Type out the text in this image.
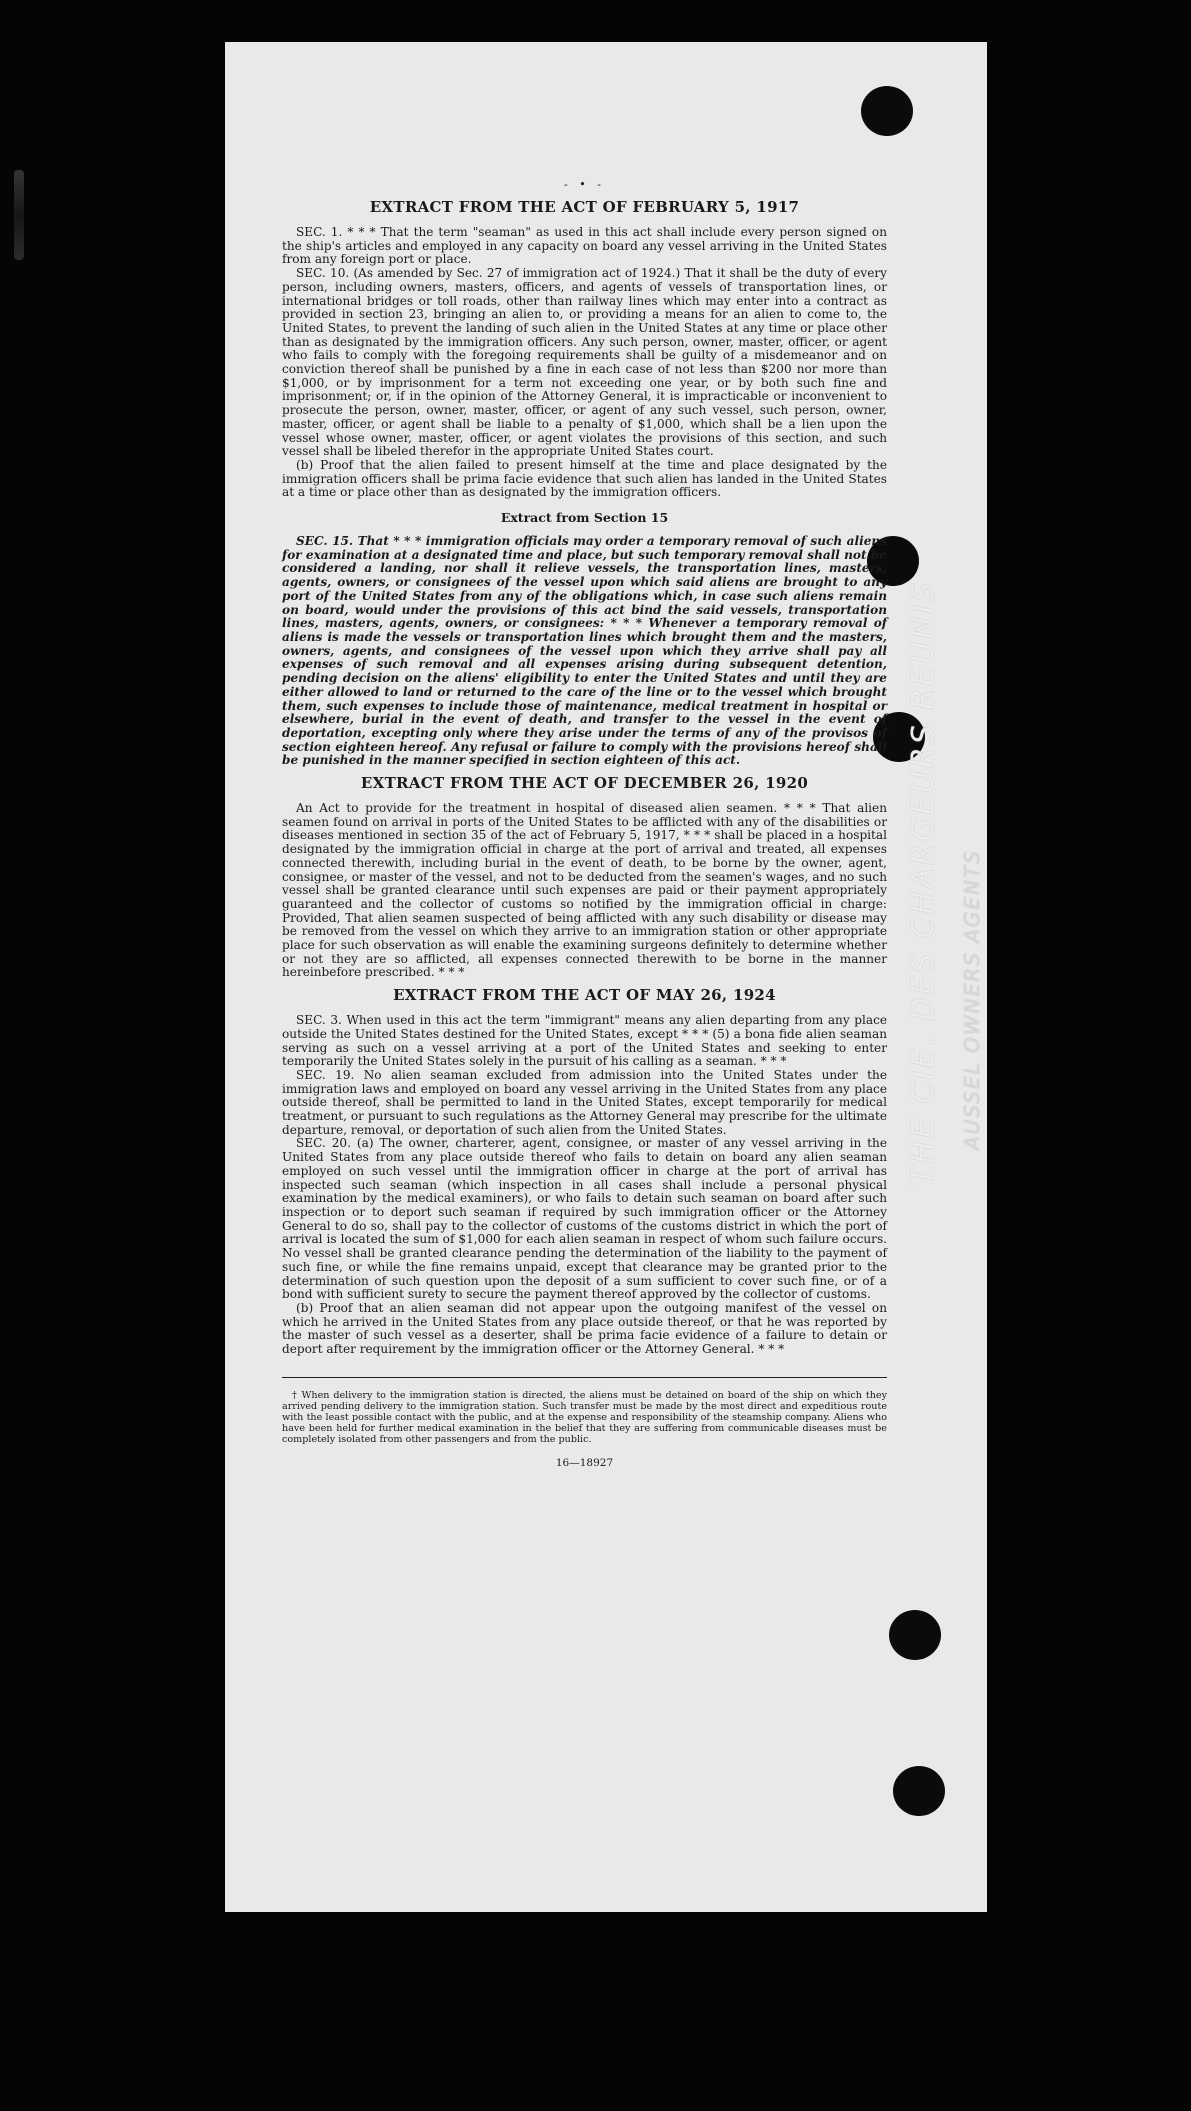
- • -
EXTRACT FROM THE ACT OF FEBRUARY 5, 1917

SEC. 1. * * * That the term "seaman" as used in this act shall include every person signed on the ship's articles and employed in any capacity on board any vessel arriving in the United States from any foreign port or place.

SEC. 10. (As amended by Sec. 27 of immigration act of 1924.) That it shall be the duty of every person, including owners, masters, officers, and agents of vessels of transportation lines, or international bridges or toll roads, other than railway lines which may enter into a contract as provided in section 23, bringing an alien to, or providing a means for an alien to come to, the United States, to prevent the landing of such alien in the United States at any time or place other than as designated by the immigration officers. Any such person, owner, master, officer, or agent who fails to comply with the foregoing requirements shall be guilty of a misdemeanor and on conviction thereof shall be punished by a fine in each case of not less than $200 nor more than $1,000, or by imprisonment for a term not exceeding one year, or by both such fine and imprisonment; or, if in the opinion of the Attorney General, it is impracticable or inconvenient to prosecute the person, owner, master, officer, or agent of any such vessel, such person, owner, master, officer, or agent shall be liable to a penalty of $1,000, which shall be a lien upon the vessel whose owner, master, officer, or agent violates the provisions of this section, and such vessel shall be libeled therefor in the appropriate United States court.

(b) Proof that the alien failed to present himself at the time and place designated by the immigration officers shall be prima facie evidence that such alien has landed in the United States at a time or place other than as designated by the immigration officers.

Extract from Section 15

SEC. 15. That * * * immigration officials may order a temporary removal of such aliens for examination at a designated time and place, but such temporary removal shall not be considered a landing, nor shall it relieve vessels, the transportation lines, masters, agents, owners, or consignees of the vessel upon which said aliens are brought to any port of the United States from any of the obligations which, in case such aliens remain on board, would under the provisions of this act bind the said vessels, transportation lines, masters, agents, owners, or consignees: * * * Whenever a temporary removal of aliens is made the vessels or transportation lines which brought them and the masters, owners, agents, and consignees of the vessel upon which they arrive shall pay all expenses of such removal and all expenses arising during subsequent detention, pending decision on the aliens' eligibility to enter the United States and until they are either allowed to land or returned to the care of the line or to the vessel which brought them, such expenses to include those of maintenance, medical treatment in hospital or elsewhere, burial in the event of death, and transfer to the vessel in the event of deportation, excepting only where they arise under the terms of any of the provisos of section eighteen hereof. Any refusal or failure to comply with the provisions hereof shall be punished in the manner specified in section eighteen of this act.

EXTRACT FROM THE ACT OF DECEMBER 26, 1920

An Act to provide for the treatment in hospital of diseased alien seamen. * * * That alien seamen found on arrival in ports of the United States to be afflicted with any of the disabilities or diseases mentioned in section 35 of the act of February 5, 1917, * * * shall be placed in a hospital designated by the immigration official in charge at the port of arrival and treated, all expenses connected therewith, including burial in the event of death, to be borne by the owner, agent, consignee, or master of the vessel, and not to be deducted from the seamen's wages, and no such vessel shall be granted clearance until such expenses are paid or their payment appropriately guaranteed and the collector of customs so notified by the immigration official in charge: Provided, That alien seamen suspected of being afflicted with any such disability or disease may be removed from the vessel on which they arrive to an immigration station or other appropriate place for such observation as will enable the examining surgeons definitely to determine whether or not they are so afflicted, all expenses connected therewith to be borne in the manner hereinbefore prescribed. * * *

EXTRACT FROM THE ACT OF MAY 26, 1924

SEC. 3. When used in this act the term "immigrant" means any alien departing from any place outside the United States destined for the United States, except * * * (5) a bona fide alien seaman serving as such on a vessel arriving at a port of the United States and seeking to enter temporarily the United States solely in the pursuit of his calling as a seaman. * * *

SEC. 19. No alien seaman excluded from admission into the United States under the immigration laws and employed on board any vessel arriving in the United States from any place outside thereof, shall be permitted to land in the United States, except temporarily for medical treatment, or pursuant to such regulations as the Attorney General may prescribe for the ultimate departure, removal, or deportation of such alien from the United States.

SEC. 20. (a) The owner, charterer, agent, consignee, or master of any vessel arriving in the United States from any place outside thereof who fails to detain on board any alien seaman employed on such vessel until the immigration officer in charge at the port of arrival has inspected such seaman (which inspection in all cases shall include a personal physical examination by the medical examiners), or who fails to detain such seaman on board after such inspection or to deport such seaman if required by such immigration officer or the Attorney General to do so, shall pay to the collector of customs of the customs district in which the port of arrival is located the sum of $1,000 for each alien seaman in respect of whom such failure occurs. No vessel shall be granted clearance pending the determination of the liability to the payment of such fine, or while the fine remains unpaid, except that clearance may be granted prior to the determination of such question upon the deposit of a sum sufficient to cover such fine, or of a bond with sufficient surety to secure the payment thereof approved by the collector of customs.

(b) Proof that an alien seaman did not appear upon the outgoing manifest of the vessel on which he arrived in the United States from any place outside thereof, or that he was reported by the master of such vessel as a deserter, shall be prima facie evidence of a failure to detain or deport after requirement by the immigration officer or the Attorney General. * * *

† When delivery to the immigration station is directed, the aliens must be detained on board of the ship on which they arrived pending delivery to the immigration station. Such transfer must be made by the most direct and expeditious route with the least possible contact with the public, and at the expense and responsibility of the steamship company. Aliens who have been held for further medical examination in the belief that they are suffering from communicable diseases must be completely isolated from other passengers and from the public.

16—18927
THE CIE. DES CHARGEURS REUNIS AUSSEL OWNERS AGENTS
